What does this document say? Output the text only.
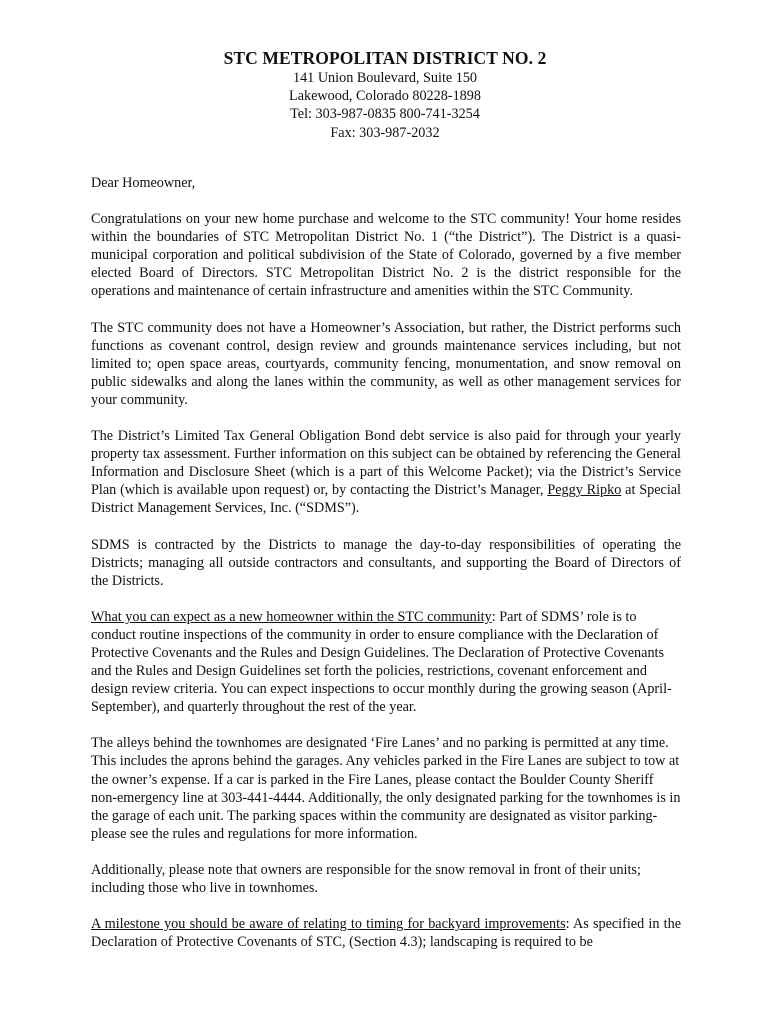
STC METROPOLITAN DISTRICT NO. 2
141 Union Boulevard, Suite 150
Lakewood, Colorado 80228-1898
Tel: 303-987-0835 800-741-3254
Fax: 303-987-2032

Dear Homeowner,

Congratulations on your new home purchase and welcome to the STC community! Your home resides within the boundaries of STC Metropolitan District No. 1 (“the District”). The District is a quasi-municipal corporation and political subdivision of the State of Colorado, governed by a five member elected Board of Directors. STC Metropolitan District No. 2 is the district responsible for the operations and maintenance of certain infrastructure and amenities within the STC Community.

The STC community does not have a Homeowner’s Association, but rather, the District performs such functions as covenant control, design review and grounds maintenance services including, but not limited to; open space areas, courtyards, community fencing, monumentation, and snow removal on public sidewalks and along the lanes within the community, as well as other management services for your community.

The District’s Limited Tax General Obligation Bond debt service is also paid for through your yearly property tax assessment. Further information on this subject can be obtained by referencing the General Information and Disclosure Sheet (which is a part of this Welcome Packet); via the District’s Service Plan (which is available upon request) or, by contacting the District’s Manager, Peggy Ripko at Special District Management Services, Inc. (“SDMS”).

SDMS is contracted by the Districts to manage the day-to-day responsibilities of operating the Districts; managing all outside contractors and consultants, and supporting the Board of Directors of the Districts.

What you can expect as a new homeowner within the STC community: Part of SDMS’ role is to conduct routine inspections of the community in order to ensure compliance with the Declaration of Protective Covenants and the Rules and Design Guidelines. The Declaration of Protective Covenants and the Rules and Design Guidelines set forth the policies, restrictions, covenant enforcement and design review criteria. You can expect inspections to occur monthly during the growing season (April-September), and quarterly throughout the rest of the year.

The alleys behind the townhomes are designated ‘Fire Lanes’ and no parking is permitted at any time. This includes the aprons behind the garages. Any vehicles parked in the Fire Lanes are subject to tow at the owner’s expense. If a car is parked in the Fire Lanes, please contact the Boulder County Sheriff non-emergency line at 303-441-4444. Additionally, the only designated parking for the townhomes is in the garage of each unit. The parking spaces within the community are designated as visitor parking- please see the rules and regulations for more information.

Additionally, please note that owners are responsible for the snow removal in front of their units; including those who live in townhomes.

A milestone you should be aware of relating to timing for backyard improvements: As specified in the Declaration of Protective Covenants of STC, (Section 4.3); landscaping is required to be
